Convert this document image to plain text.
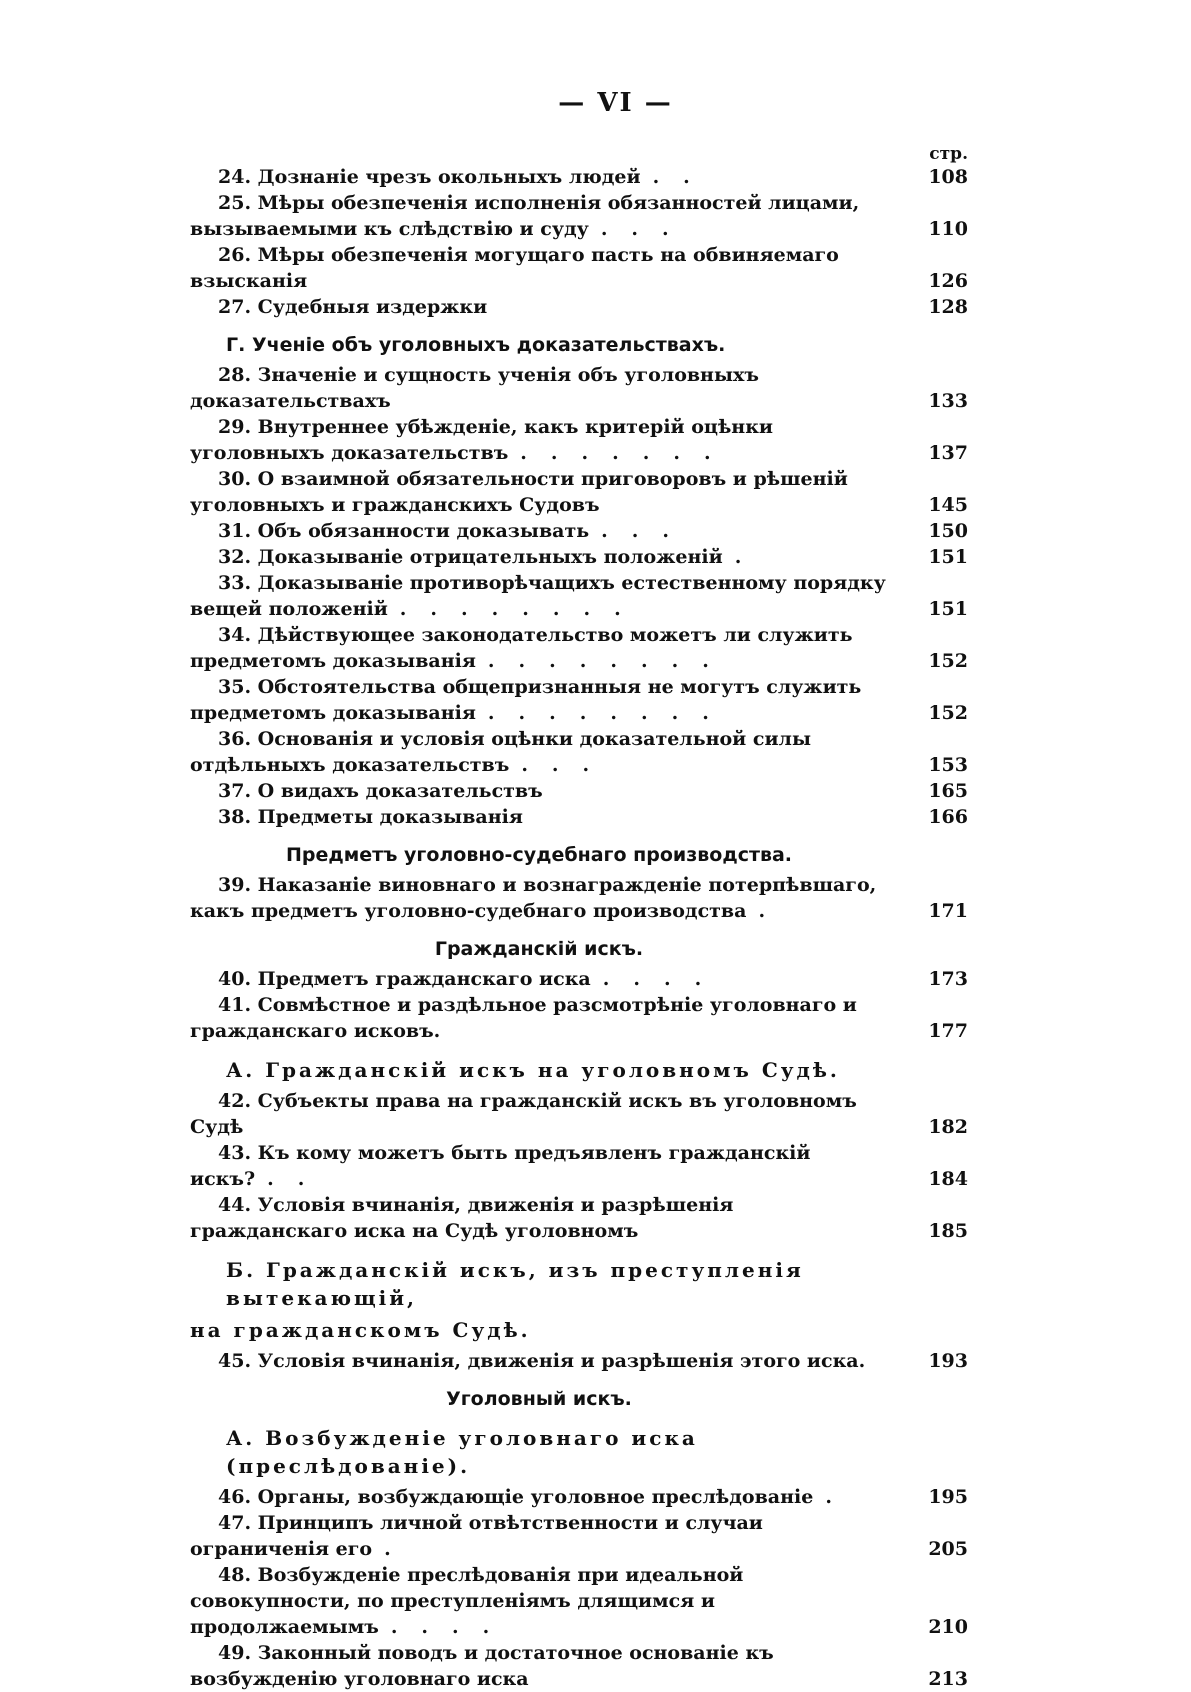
— VI —
стр.
24. Дознаніе чрезъ окольныхъ людей ..	108
25. Мѣры обезпеченія исполненія обязанностей лицами, вызываемыми къ слѣдствію и суду ...	110
26. Мѣры обезпеченія могущаго пасть на обвиняемаго взысканія	126
27. Судебныя издержки	128
Г. Ученіе объ уголовныхъ доказательствахъ.
28. Значеніе и сущность ученія объ уголовныхъ доказательствахъ	133
29. Внутреннее убѣжденіе, какъ критерій оцѣнки уголовныхъ доказательствъ .......	137
30. О взаимной обязательности приговоровъ и рѣшеній уголовныхъ и гражданскихъ Судовъ	145
31. Объ обязанности доказывать ...	150
32. Доказываніе отрицательныхъ положеній .	151
33. Доказываніе противорѣчащихъ естественному порядку вещей положеній ........	151
34. Дѣйствующее законодательство можетъ ли служить предметомъ доказыванія ........	152
35. Обстоятельства общепризнанныя не могутъ служить предметомъ доказыванія ........	152
36. Основанія и условія оцѣнки доказательной силы отдѣльныхъ доказательствъ ...	153
37. О видахъ доказательствъ	165
38. Предметы доказыванія	166
Предметъ уголовно-судебнаго производства.
39. Наказаніе виновнаго и вознагражденіе потерпѣвшаго, какъ предметъ уголовно-судебнаго производства .	171
Гражданскій искъ.
40. Предметъ гражданскаго иска ....	173
41. Совмѣстное и раздѣльное разсмотрѣніе уголовнаго и гражданскаго исковъ.	177
А. Гражданскій искъ на уголовномъ Судѣ.
42. Субъекты права на гражданскій искъ въ уголовномъ Судѣ	182
43. Къ кому можетъ быть предъявленъ гражданскій искъ? ..	184
44. Условія вчинанія, движенія и разрѣшенія гражданскаго иска на Судѣ уголовномъ	185
Б. Гражданскій искъ, изъ преступленія вытекающій,
на гражданскомъ Судѣ.
45. Условія вчинанія, движенія и разрѣшенія этого иска.	193
Уголовный искъ.
А. Возбужденіе уголовнаго иска (преслѣдованіе).
46. Органы, возбуждающіе уголовное преслѣдованіе .	195
47. Принципъ личной отвѣтственности и случаи ограниченія его .	205
48. Возбужденіе преслѣдованія при идеальной совокупности, по преступленіямъ длящимся и продолжаемымъ ....	210
49. Законный поводъ и достаточное основаніе къ возбужденію уголовнаго иска	213
